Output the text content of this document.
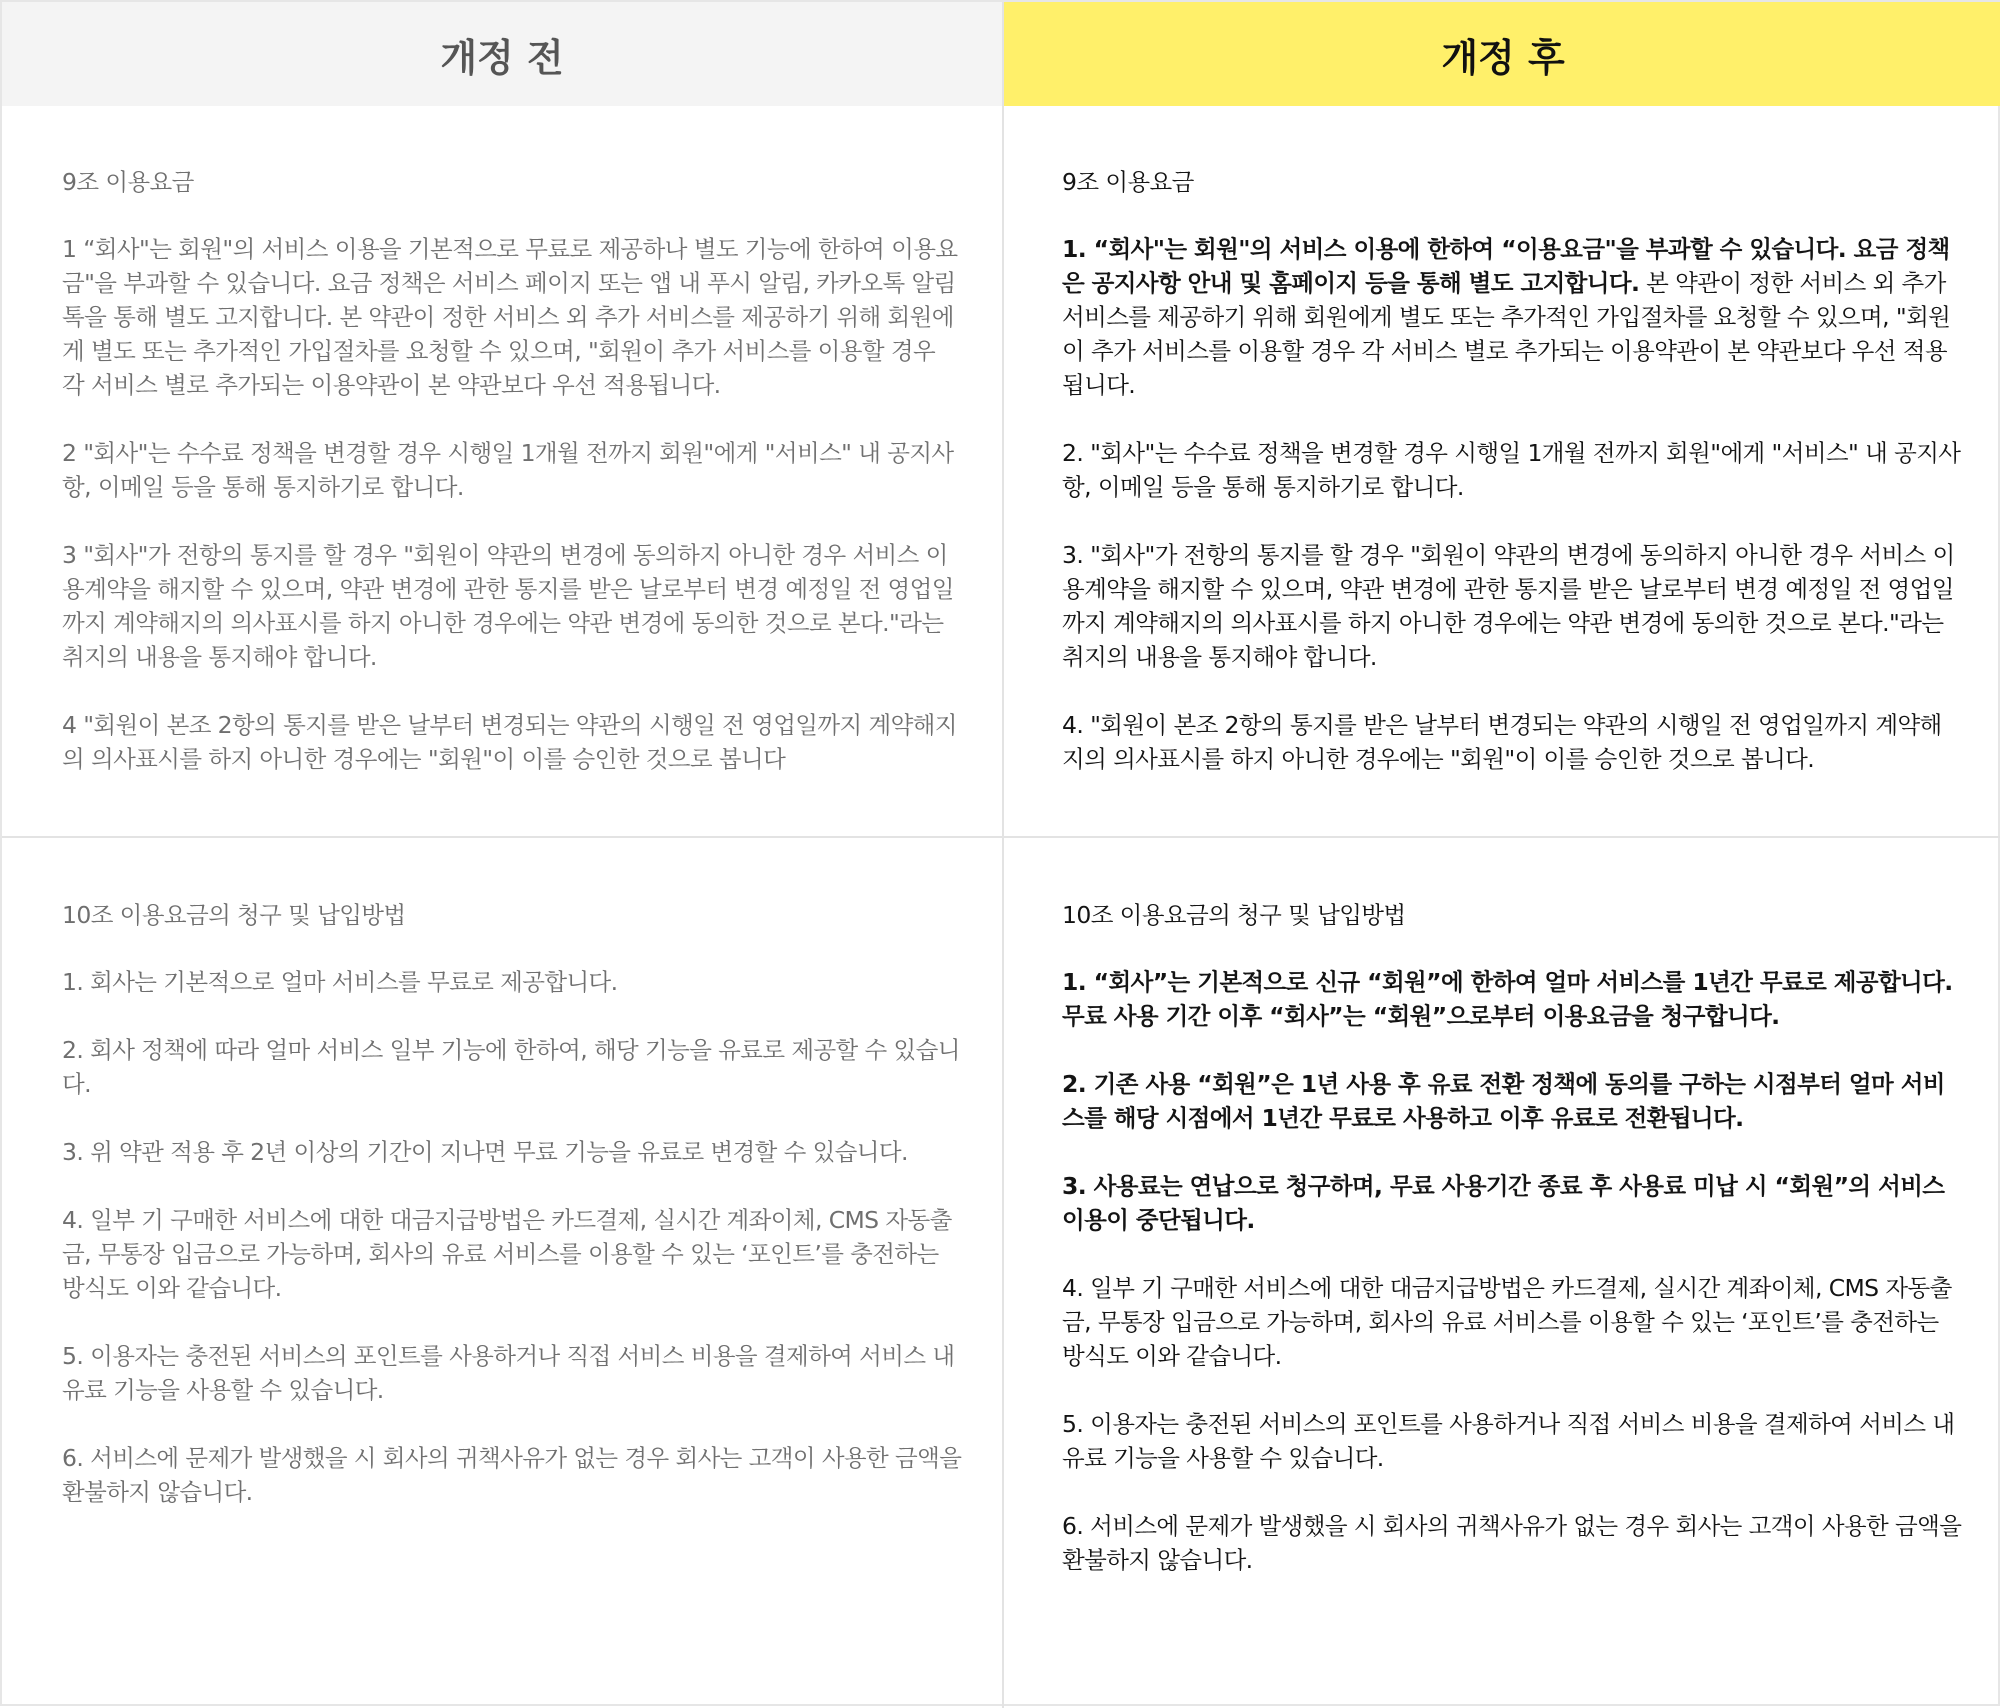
개정 전	개정 후
9조 이용요금
1 “회사"는 회원"의 서비스 이용을 기본적으로 무료로 제공하나 별도 기능에 한하여 이용요금"을 부과할 수 있습니다. 요금 정책은 서비스 페이지 또는 앱 내 푸시 알림, 카카오톡 알림톡을 통해 별도 고지합니다. 본 약관이 정한 서비스 외 추가 서비스를 제공하기 위해 회원에게 별도 또는 추가적인 가입절차를 요청할 수 있으며, "회원이 추가 서비스를 이용할 경우 각 서비스 별로 추가되는 이용약관이 본 약관보다 우선 적용됩니다.
2 "회사"는 수수료 정책을 변경할 경우 시행일 1개월 전까지 회원"에게 "서비스" 내 공지사항, 이메일 등을 통해 통지하기로 합니다.
3 "회사"가 전항의 통지를 할 경우 "회원이 약관의 변경에 동의하지 아니한 경우 서비스 이용계약을 해지할 수 있으며, 약관 변경에 관한 통지를 받은 날로부터 변경 예정일 전 영업일까지 계약해지의 의사표시를 하지 아니한 경우에는 약관 변경에 동의한 것으로 본다."라는 취지의 내용을 통지해야 합니다.
4 "회원이 본조 2항의 통지를 받은 날부터 변경되는 약관의 시행일 전 영업일까지 계약해지의 의사표시를 하지 아니한 경우에는 "회원"이 이를 승인한 것으로 봅니다
9조 이용요금
1. “회사"는 회원"의 서비스 이용에 한하여 “이용요금"을 부과할 수 있습니다. 요금 정책은 공지사항 안내 및 홈페이지 등을 통해 별도 고지합니다. 본 약관이 정한 서비스 외 추가 서비스를 제공하기 위해 회원에게 별도 또는 추가적인 가입절차를 요청할 수 있으며, "회원이 추가 서비스를 이용할 경우 각 서비스 별로 추가되는 이용약관이 본 약관보다 우선 적용됩니다.
2. "회사"는 수수료 정책을 변경할 경우 시행일 1개월 전까지 회원"에게 "서비스" 내 공지사항, 이메일 등을 통해 통지하기로 합니다.
3. "회사"가 전항의 통지를 할 경우 "회원이 약관의 변경에 동의하지 아니한 경우 서비스 이용계약을 해지할 수 있으며, 약관 변경에 관한 통지를 받은 날로부터 변경 예정일 전 영업일까지 계약해지의 의사표시를 하지 아니한 경우에는 약관 변경에 동의한 것으로 본다."라는 취지의 내용을 통지해야 합니다.
4. "회원이 본조 2항의 통지를 받은 날부터 변경되는 약관의 시행일 전 영업일까지 계약해지의 의사표시를 하지 아니한 경우에는 "회원"이 이를 승인한 것으로 봅니다.
10조 이용요금의 청구 및 납입방법
1. 회사는 기본적으로 얼마 서비스를 무료로 제공합니다.
2. 회사 정책에 따라 얼마 서비스 일부 기능에 한하여, 해당 기능을 유료로 제공할 수 있습니다.
3. 위 약관 적용 후 2년 이상의 기간이 지나면 무료 기능을 유료로 변경할 수 있습니다.
4. 일부 기 구매한 서비스에 대한 대금지급방법은 카드결제, 실시간 계좌이체, CMS 자동출금, 무통장 입금으로 가능하며, 회사의 유료 서비스를 이용할 수 있는 ‘포인트’를 충전하는 방식도 이와 같습니다.
5. 이용자는 충전된 서비스의 포인트를 사용하거나 직접 서비스 비용을 결제하여 서비스 내 유료 기능을 사용할 수 있습니다.
6. 서비스에 문제가 발생했을 시 회사의 귀책사유가 없는 경우 회사는 고객이 사용한 금액을 환불하지 않습니다.
10조 이용요금의 청구 및 납입방법
1. “회사”는 기본적으로 신규 “회원”에 한하여 얼마 서비스를 1년간 무료로 제공합니다. 무료 사용 기간 이후 “회사”는 “회원”으로부터 이용요금을 청구합니다.
2. 기존 사용 “회원”은 1년 사용 후 유료 전환 정책에 동의를 구하는 시점부터 얼마 서비스를 해당 시점에서 1년간 무료로 사용하고 이후 유료로 전환됩니다.
3. 사용료는 연납으로 청구하며, 무료 사용기간 종료 후 사용료 미납 시 “회원”의 서비스 이용이 중단됩니다.
4. 일부 기 구매한 서비스에 대한 대금지급방법은 카드결제, 실시간 계좌이체, CMS 자동출금, 무통장 입금으로 가능하며, 회사의 유료 서비스를 이용할 수 있는 ‘포인트’를 충전하는 방식도 이와 같습니다.
5. 이용자는 충전된 서비스의 포인트를 사용하거나 직접 서비스 비용을 결제하여 서비스 내 유료 기능을 사용할 수 있습니다.
6. 서비스에 문제가 발생했을 시 회사의 귀책사유가 없는 경우 회사는 고객이 사용한 금액을 환불하지 않습니다.
